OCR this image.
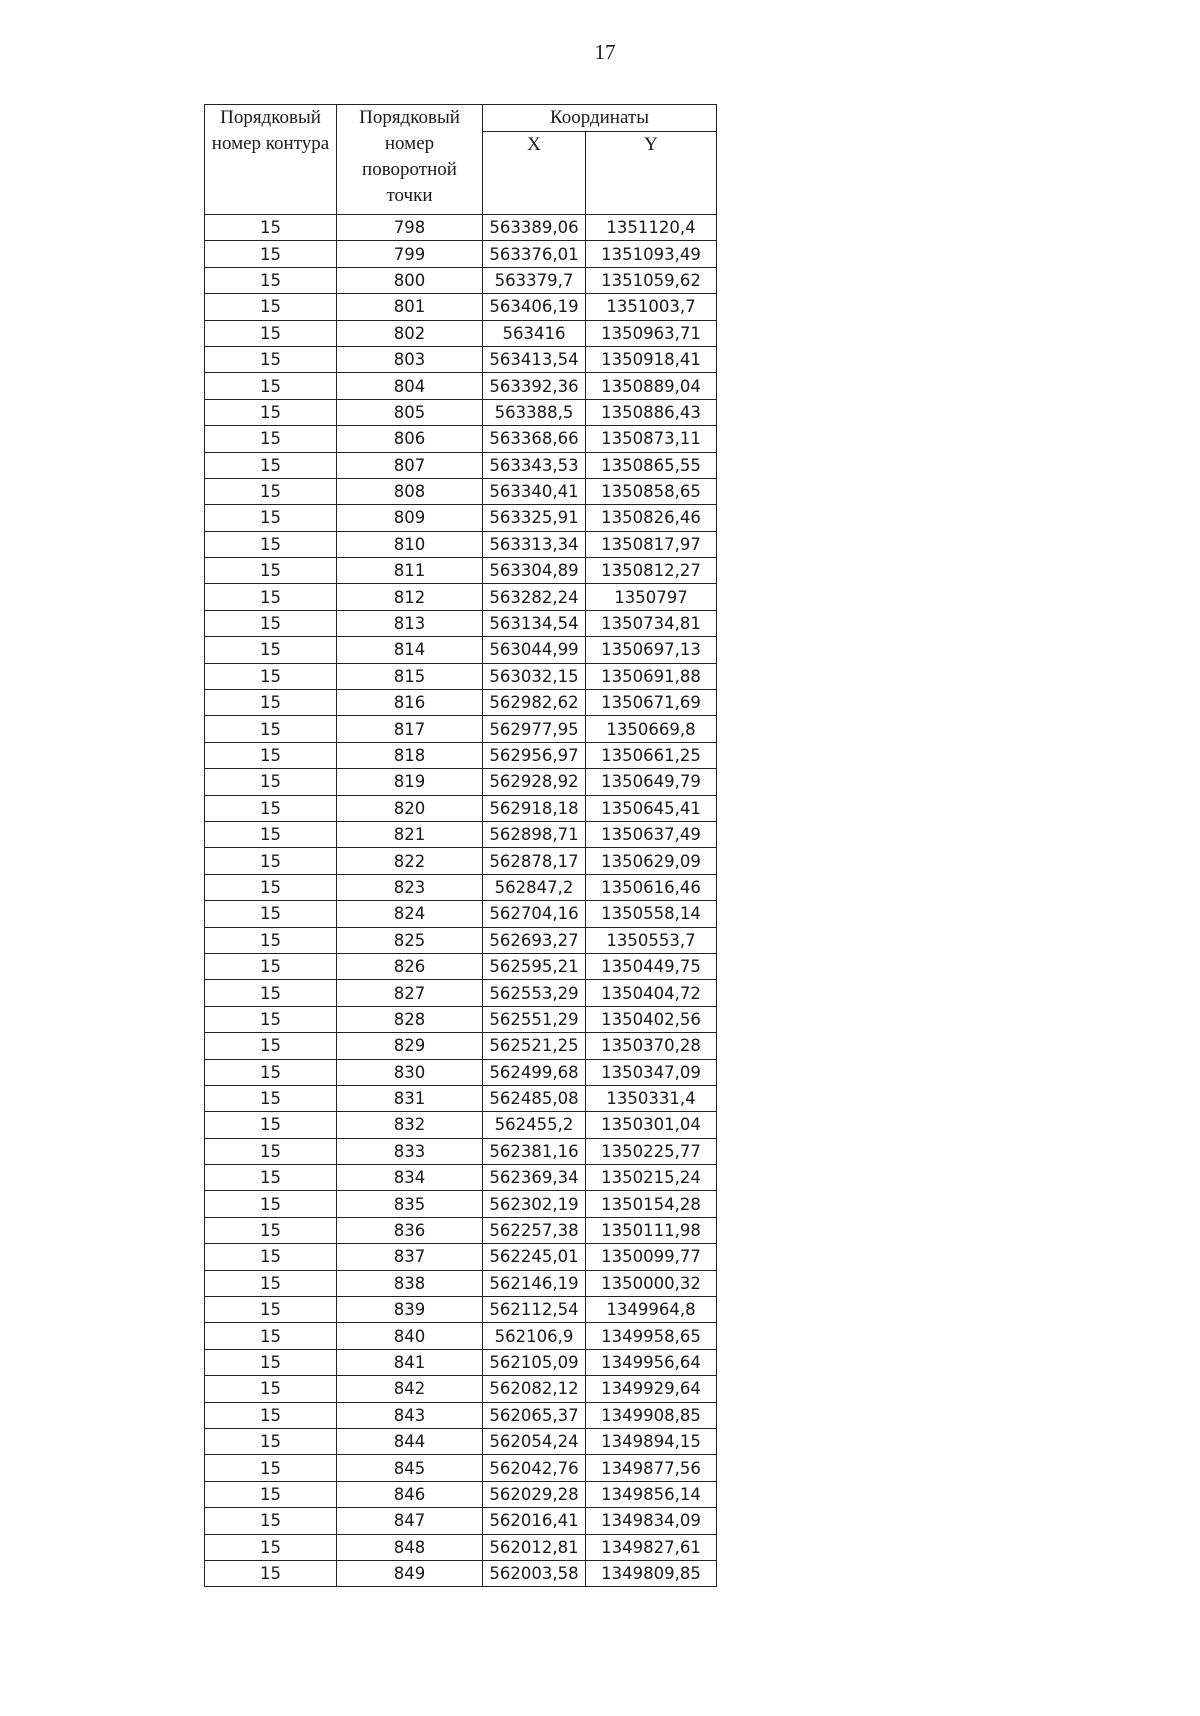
17
Порядковый номер контура	Порядковый номер поворотной точки	Координаты	
		X	Y
15	798	563389,06	1351120,4
15	799	563376,01	1351093,49
15	800	563379,7	1351059,62
15	801	563406,19	1351003,7
15	802	563416	1350963,71
15	803	563413,54	1350918,41
15	804	563392,36	1350889,04
15	805	563388,5	1350886,43
15	806	563368,66	1350873,11
15	807	563343,53	1350865,55
15	808	563340,41	1350858,65
15	809	563325,91	1350826,46
15	810	563313,34	1350817,97
15	811	563304,89	1350812,27
15	812	563282,24	1350797
15	813	563134,54	1350734,81
15	814	563044,99	1350697,13
15	815	563032,15	1350691,88
15	816	562982,62	1350671,69
15	817	562977,95	1350669,8
15	818	562956,97	1350661,25
15	819	562928,92	1350649,79
15	820	562918,18	1350645,41
15	821	562898,71	1350637,49
15	822	562878,17	1350629,09
15	823	562847,2	1350616,46
15	824	562704,16	1350558,14
15	825	562693,27	1350553,7
15	826	562595,21	1350449,75
15	827	562553,29	1350404,72
15	828	562551,29	1350402,56
15	829	562521,25	1350370,28
15	830	562499,68	1350347,09
15	831	562485,08	1350331,4
15	832	562455,2	1350301,04
15	833	562381,16	1350225,77
15	834	562369,34	1350215,24
15	835	562302,19	1350154,28
15	836	562257,38	1350111,98
15	837	562245,01	1350099,77
15	838	562146,19	1350000,32
15	839	562112,54	1349964,8
15	840	562106,9	1349958,65
15	841	562105,09	1349956,64
15	842	562082,12	1349929,64
15	843	562065,37	1349908,85
15	844	562054,24	1349894,15
15	845	562042,76	1349877,56
15	846	562029,28	1349856,14
15	847	562016,41	1349834,09
15	848	562012,81	1349827,61
15	849	562003,58	1349809,85
